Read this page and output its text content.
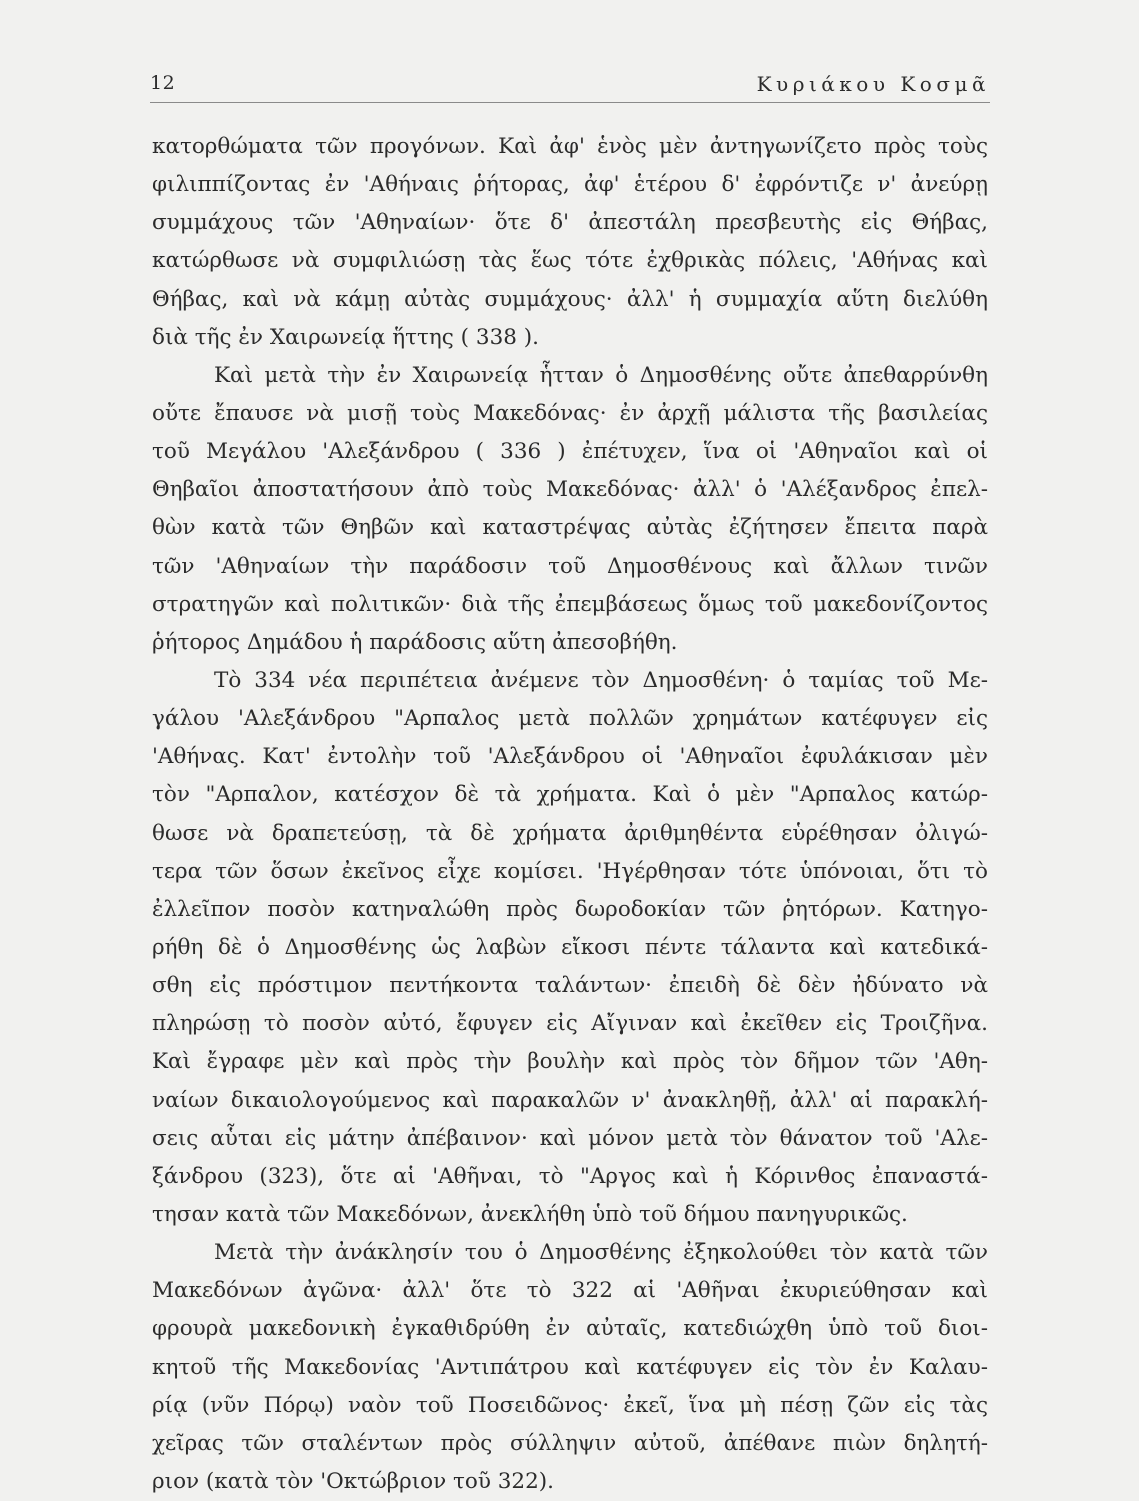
12	Κυριάκου Κοσμᾶ
κατορθώματα τῶν προγόνων. Καὶ ἀφ' ἑνὸς μὲν ἀντηγωνίζετο πρὸς τοὺς
φιλιππίζοντας ἐν 'Αθήναις ῥήτορας, ἀφ' ἑτέρου δ' ἐφρόντιζε ν' ἀνεύρῃ
συμμάχους τῶν 'Αθηναίων· ὅτε δ' ἀπεστάλη πρεσβευτὴς εἰς Θήβας,
κατώρθωσε νὰ συμφιλιώσῃ τὰς ἕως τότε ἐχθρικὰς πόλεις, 'Αθήνας καὶ
Θήβας, καὶ νὰ κάμῃ αὐτὰς συμμάχους· ἀλλ' ἡ συμμαχία αὕτη διελύθη
διὰ τῆς ἐν Χαιρωνείᾳ ἥττης ( 338 ).
Καὶ μετὰ τὴν ἐν Χαιρωνείᾳ ἧτταν ὁ Δημοσθένης οὔτε ἀπεθαρρύνθη
οὔτε ἔπαυσε νὰ μισῇ τοὺς Μακεδόνας· ἐν ἀρχῇ μάλιστα τῆς βασιλείας
τοῦ Μεγάλου 'Αλεξάνδρου ( 336 ) ἐπέτυχεν, ἵνα οἱ 'Αθηναῖοι καὶ οἱ
Θηβαῖοι ἀποστατήσουν ἀπὸ τοὺς Μακεδόνας· ἀλλ' ὁ 'Αλέξανδρος ἐπελ-
θὼν κατὰ τῶν Θηβῶν καὶ καταστρέψας αὐτὰς ἐζήτησεν ἔπειτα παρὰ
τῶν 'Αθηναίων τὴν παράδοσιν τοῦ Δημοσθένους καὶ ἄλλων τινῶν
στρατηγῶν καὶ πολιτικῶν· διὰ τῆς ἐπεμβάσεως ὅμως τοῦ μακεδονίζοντος
ῥήτορος Δημάδου ἡ παράδοσις αὕτη ἀπεσοβήθη.
Τὸ 334 νέα περιπέτεια ἀνέμενε τὸν Δημοσθένη· ὁ ταμίας τοῦ Με-
γάλου 'Αλεξάνδρου "Αρπαλος μετὰ πολλῶν χρημάτων κατέφυγεν εἰς
'Αθήνας. Κατ' ἐντολὴν τοῦ 'Αλεξάνδρου οἱ 'Αθηναῖοι ἐφυλάκισαν μὲν
τὸν "Αρπαλον, κατέσχον δὲ τὰ χρήματα. Καὶ ὁ μὲν "Αρπαλος κατώρ-
θωσε νὰ δραπετεύσῃ, τὰ δὲ χρήματα ἀριθμηθέντα εὑρέθησαν ὀλιγώ-
τερα τῶν ὅσων ἐκεῖνος εἶχε κομίσει. 'Ηγέρθησαν τότε ὑπόνοιαι, ὅτι τὸ
ἐλλεῖπον ποσὸν κατηναλώθη πρὸς δωροδοκίαν τῶν ῥητόρων. Κατηγο-
ρήθη δὲ ὁ Δημοσθένης ὡς λαβὼν εἴκοσι πέντε τάλαντα καὶ κατεδικά-
σθη εἰς πρόστιμον πεντήκοντα ταλάντων· ἐπειδὴ δὲ δὲν ἠδύνατο νὰ
πληρώσῃ τὸ ποσὸν αὐτό, ἔφυγεν εἰς Αἴγιναν καὶ ἐκεῖθεν εἰς Τροιζῆνα.
Καὶ ἔγραφε μὲν καὶ πρὸς τὴν βουλὴν καὶ πρὸς τὸν δῆμον τῶν 'Αθη-
ναίων δικαιολογούμενος καὶ παρακαλῶν ν' ἀνακληθῇ, ἀλλ' αἱ παρακλή-
σεις αὗται εἰς μάτην ἀπέβαινον· καὶ μόνον μετὰ τὸν θάνατον τοῦ 'Αλε-
ξάνδρου (323), ὅτε αἱ 'Αθῆναι, τὸ "Αργος καὶ ἡ Κόρινθος ἐπαναστά-
τησαν κατὰ τῶν Μακεδόνων, ἀνεκλήθη ὑπὸ τοῦ δήμου πανηγυρικῶς.
Μετὰ τὴν ἀνάκλησίν του ὁ Δημοσθένης ἐξηκολούθει τὸν κατὰ τῶν
Μακεδόνων ἀγῶνα· ἀλλ' ὅτε τὸ 322 αἱ 'Αθῆναι ἐκυριεύθησαν καὶ
φρουρὰ μακεδονικὴ ἐγκαθιδρύθη ἐν αὐταῖς, κατεδιώχθη ὑπὸ τοῦ διοι-
κητοῦ τῆς Μακεδονίας 'Αντιπάτρου καὶ κατέφυγεν εἰς τὸν ἐν Καλαυ-
ρίᾳ (νῦν Πόρῳ) ναὸν τοῦ Ποσειδῶνος· ἐκεῖ, ἵνα μὴ πέσῃ ζῶν εἰς τὰς
χεῖρας τῶν σταλέντων πρὸς σύλληψιν αὐτοῦ, ἀπέθανε πιὼν δηλητή-
ριον (κατὰ τὸν 'Οκτώβριον τοῦ 322).
